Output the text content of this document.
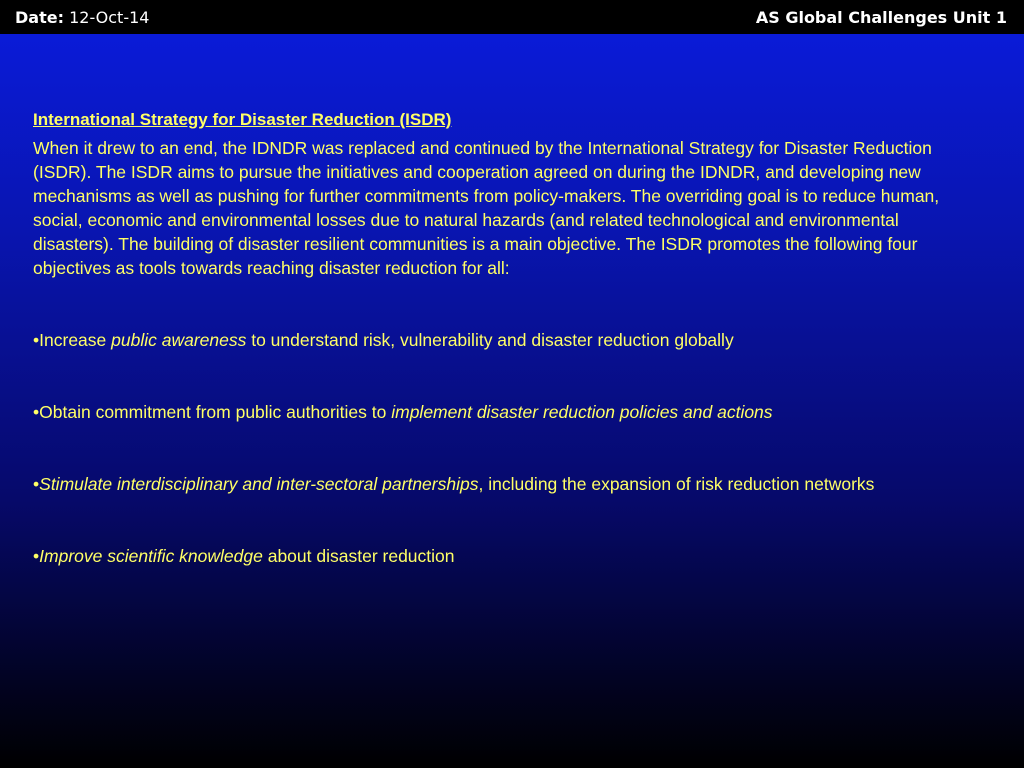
Date: 12-Oct-14	AS Global Challenges Unit 1

International Strategy for Disaster Reduction (ISDR)

When it drew to an end, the IDNDR was replaced and continued by the International Strategy for Disaster Reduction (ISDR). The ISDR aims to pursue the initiatives and cooperation agreed on during the IDNDR, and developing new mechanisms as well as pushing for further commitments from policy-makers. The overriding goal is to reduce human, social, economic and environmental losses due to natural hazards (and related technological and environmental disasters). The building of disaster resilient communities is a main objective. The ISDR promotes the following four objectives as tools towards reaching disaster reduction for all:

•Increase public awareness to understand risk, vulnerability and disaster reduction globally

•Obtain commitment from public authorities to implement disaster reduction policies and actions

•Stimulate interdisciplinary and inter-sectoral partnerships, including the expansion of risk reduction networks

•Improve scientific knowledge about disaster reduction
